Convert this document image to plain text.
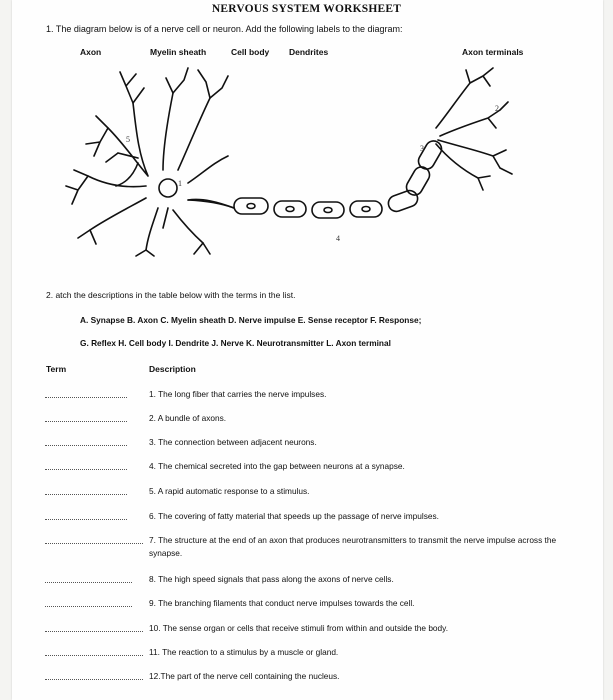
NERVOUS SYSTEM WORKSHEET
1. The diagram below is of a nerve cell or neuron. Add the following labels to the diagram:
Axon	Myelin sheath	Cell body Dendrites	Axon terminals
5
1
4
3
2
2. atch the descriptions in the table below with the terms in the list.
A. Synapse B. Axon C. Myelin sheath D. Nerve impulse E. Sense receptor F. Response;
G. Reflex H. Cell body I. Dendrite J. Nerve K. Neurotransmitter L. Axon terminal
Term	Description
1. The long fiber that carries the nerve impulses.
2. A bundle of axons.
3. The connection between adjacent neurons.
4. The chemical secreted into the gap between neurons at a synapse.
5. A rapid automatic response to a stimulus.
6. The covering of fatty material that speeds up the passage of nerve impulses.
7. The structure at the end of an axon that produces neurotransmitters to transmit the nerve impulse across the synapse.
8. The high speed signals that pass along the axons of nerve cells.
9. The branching filaments that conduct nerve impulses towards the cell.
10. The sense organ or cells that receive stimuli from within and outside the body.
11. The reaction to a stimulus by a muscle or gland.
12.The part of the nerve cell containing the nucleus.
